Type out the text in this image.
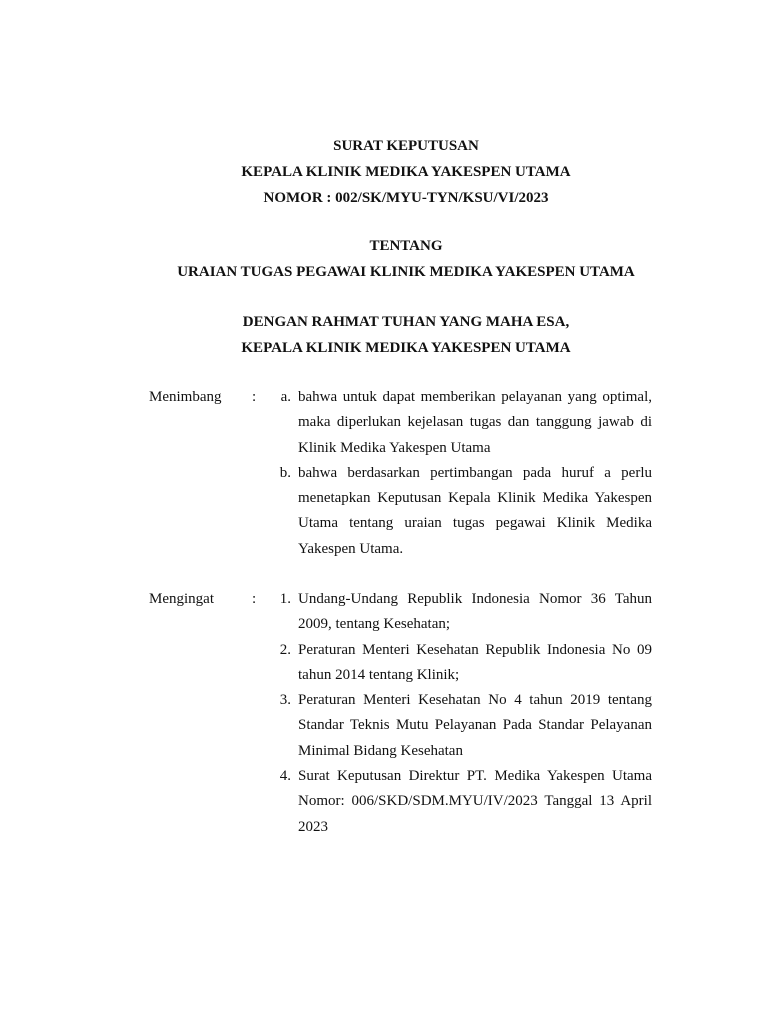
SURAT KEPUTUSAN
KEPALA KLINIK MEDIKA YAKESPEN UTAMA
NOMOR : 002/SK/MYU-TYN/KSU/VI/2023
TENTANG
URAIAN TUGAS PEGAWAI KLINIK MEDIKA YAKESPEN UTAMA
DENGAN RAHMAT TUHAN YANG MAHA ESA,
KEPALA KLINIK MEDIKA YAKESPEN UTAMA
Menimbang :	a. bahwa untuk dapat memberikan pelayanan yang optimal, maka diperlukan kejelasan tugas dan tanggung jawab di Klinik Medika Yakespen Utama
b. bahwa berdasarkan pertimbangan pada huruf a perlu menetapkan Keputusan Kepala Klinik Medika Yakespen Utama tentang uraian tugas pegawai Klinik Medika Yakespen Utama.
Mengingat	:	1. Undang-Undang Republik Indonesia Nomor 36 Tahun 2009, tentang Kesehatan;
2. Peraturan Menteri Kesehatan Republik Indonesia No 09 tahun 2014 tentang Klinik;
3. Peraturan Menteri Kesehatan No 4 tahun 2019 tentang Standar Teknis Mutu Pelayanan Pada Standar Pelayanan Minimal Bidang Kesehatan
4. Surat Keputusan Direktur PT. Medika Yakespen Utama Nomor: 006/SKD/SDM.MYU/IV/2023 Tanggal 13 April 2023
